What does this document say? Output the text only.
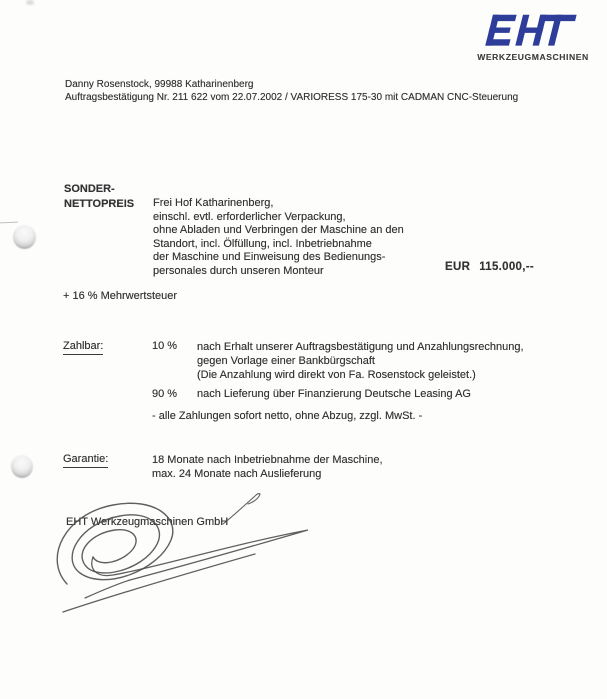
WERKZEUGMASCHINEN
Danny Rosenstock, 99988 Katharinenberg
Auftragsbestätigung Nr. 211 622 vom 22.07.2002 / VARIORESS 175-30 mit CADMAN CNC-Steuerung
SONDER-
NETTOPREIS Frei Hof Katharinenberg,
einschl. evtl. erforderlicher Verpackung,
ohne Abladen und Verbringen der Maschine an den
Standort, incl. Ölfüllung, incl. Inbetriebnahme
der Maschine und Einweisung des Bedienungs-
personales durch unseren Monteur	EUR 115.000,--
+ 16 % Mehrwertsteuer
Zahlbar:	10 % nach Erhalt unserer Auftragsbestätigung und Anzahlungsrechnung,
gegen Vorlage einer Bankbürgschaft
(Die Anzahlung wird direkt von Fa. Rosenstock geleistet.)
90 % nach Lieferung über Finanzierung Deutsche Leasing AG
- alle Zahlungen sofort netto, ohne Abzug, zzgl. MwSt. -
Garantie:	18 Monate nach Inbetriebnahme der Maschine,
max. 24 Monate nach Auslieferung
EHT Werkzeugmaschinen GmbH
